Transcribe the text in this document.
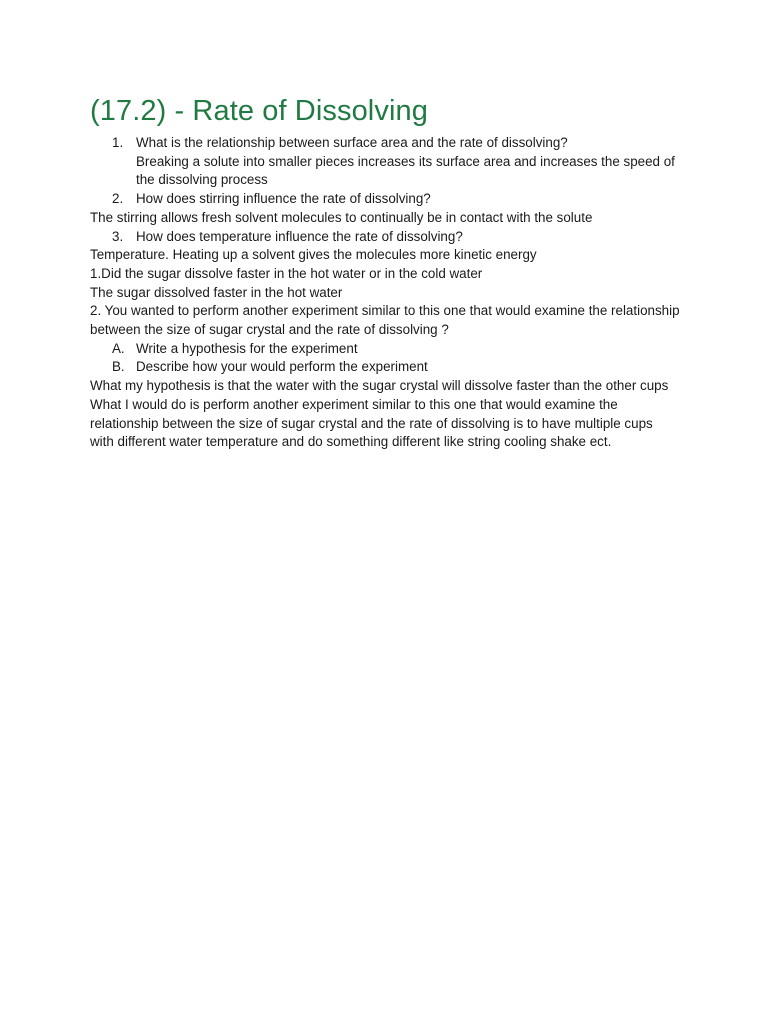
(17.2) - Rate of Dissolving
1. What is the relationship between surface area and the rate of dissolving?
Breaking a solute into smaller pieces increases its surface area and increases the speed of the dissolving process
2. How does stirring influence the rate of dissolving?

The stirring allows fresh solvent molecules to continually be in contact with the solute

3. How does temperature influence the rate of dissolving?

Temperature. Heating up a solvent gives the molecules more kinetic energy

1.Did the sugar dissolve faster in the hot water or in the cold water

The sugar dissolved faster in the hot water

2. You wanted to perform another experiment similar to this one that would examine the relationship between the size of sugar crystal and the rate of dissolving ?

A. Write a hypothesis for the experiment
B. Describe how your would perform the experiment

What my hypothesis is that the water with the sugar crystal will dissolve faster than the other cups What I would do is perform another experiment similar to this one that would examine the relationship between the size of sugar crystal and the rate of dissolving is to have multiple cups with different water temperature and do something different like string cooling shake ect.
